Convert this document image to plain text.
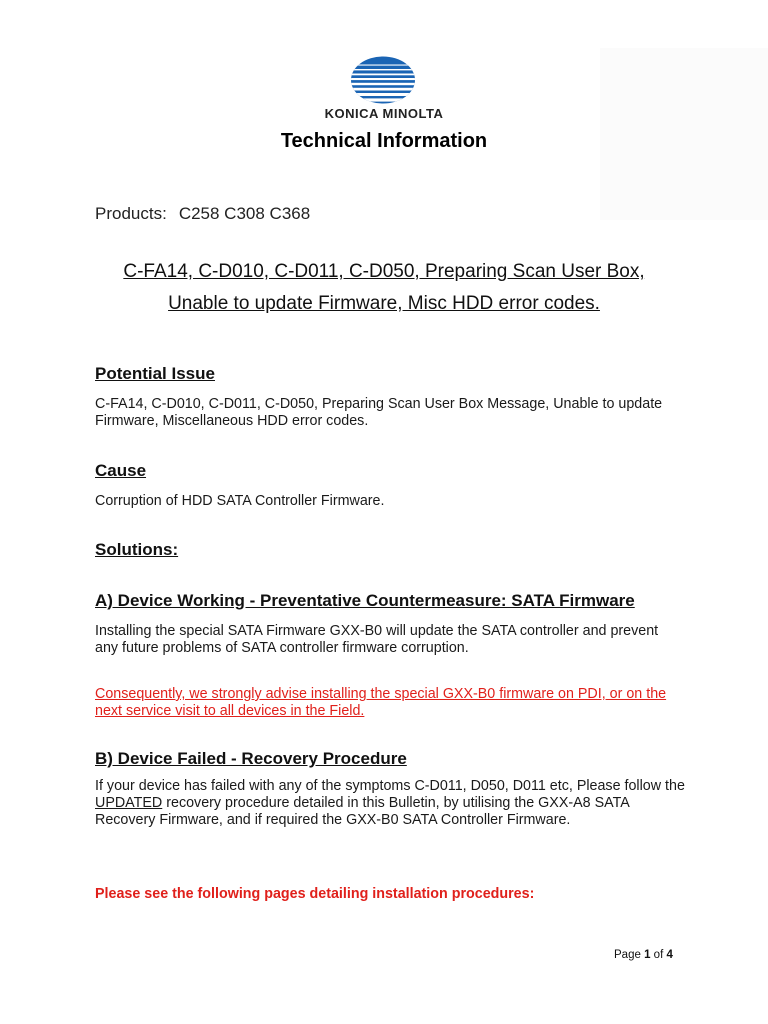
KONICA MINOLTA
Technical Information
Products: C258 C308 C368
C-FA14, C-D010, C-D011, C-D050, Preparing Scan User Box,
Unable to update Firmware, Misc HDD error codes.
Potential Issue
C-FA14, C-D010, C-D011, C-D050, Preparing Scan User Box Message, Unable to update Firmware, Miscellaneous HDD error codes.
Cause
Corruption of HDD SATA Controller Firmware.
Solutions:
A) Device Working - Preventative Countermeasure: SATA Firmware
Installing the special SATA Firmware GXX-B0 will update the SATA controller and prevent any future problems of SATA controller firmware corruption.
Consequently, we strongly advise installing the special GXX-B0 firmware on PDI, or on the next service visit to all devices in the Field.
B) Device Failed - Recovery Procedure
If your device has failed with any of the symptoms C-D011, D050, D011 etc, Please follow the UPDATED recovery procedure detailed in this Bulletin, by utilising the GXX-A8 SATA Recovery Firmware, and if required the GXX-B0 SATA Controller Firmware.
Please see the following pages detailing installation procedures:
Page 1 of 4
